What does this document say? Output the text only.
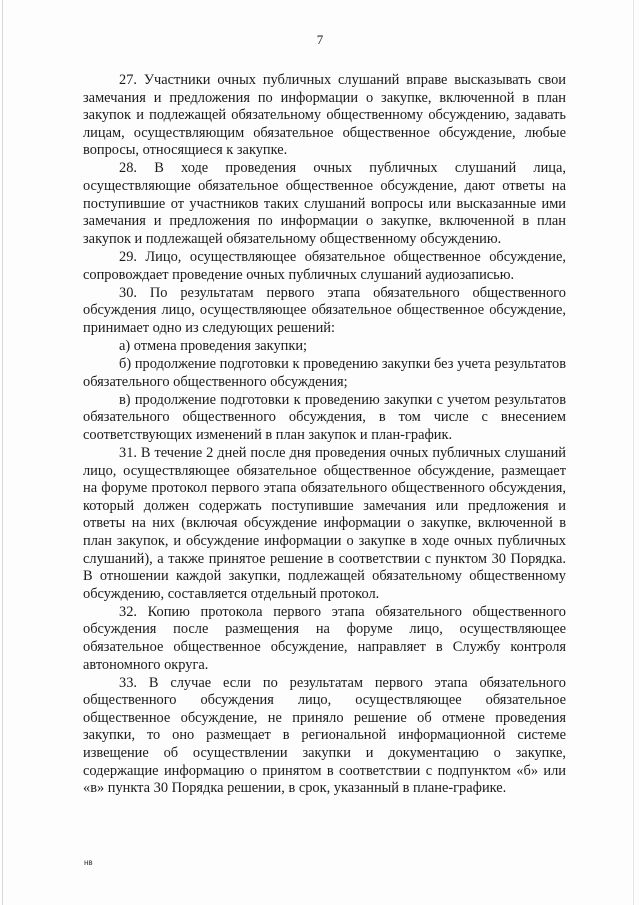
7

27. Участники очных публичных слушаний вправе высказывать свои замечания и предложения по информации о закупке, включенной в план закупок и подлежащей обязательному общественному обсуждению, задавать лицам, осуществляющим обязательное общественное обсуждение, любые вопросы, относящиеся к закупке.

28. В ходе проведения очных публичных слушаний лица, осуществляющие обязательное общественное обсуждение, дают ответы на поступившие от участников таких слушаний вопросы или высказанные ими замечания и предложения по информации о закупке, включенной в план закупок и подлежащей обязательному общественному обсуждению.

29. Лицо, осуществляющее обязательное общественное обсуждение, сопровождает проведение очных публичных слушаний аудиозаписью.

30. По результатам первого этапа обязательного общественного обсуждения лицо, осуществляющее обязательное общественное обсуждение, принимает одно из следующих решений:

а) отмена проведения закупки;

б) продолжение подготовки к проведению закупки без учета результатов обязательного общественного обсуждения;

в) продолжение подготовки к проведению закупки с учетом результатов обязательного общественного обсуждения, в том числе с внесением соответствующих изменений в план закупок и план-график.

31. В течение 2 дней после дня проведения очных публичных слушаний лицо, осуществляющее обязательное общественное обсуждение, размещает на форуме протокол первого этапа обязательного общественного обсуждения, который должен содержать поступившие замечания или предложения и ответы на них (включая обсуждение информации о закупке, включенной в план закупок, и обсуждение информации о закупке в ходе очных публичных слушаний), а также принятое решение в соответствии с пунктом 30 Порядка. В отношении каждой закупки, подлежащей обязательному общественному обсуждению, составляется отдельный протокол.

32. Копию протокола первого этапа обязательного общественного обсуждения после размещения на форуме лицо, осуществляющее обязательное общественное обсуждение, направляет в Службу контроля автономного округа.

33. В случае если по результатам первого этапа обязательного общественного обсуждения лицо, осуществляющее обязательное общественное обсуждение, не приняло решение об отмене проведения закупки, то оно размещает в региональной информационной системе извещение об осуществлении закупки и документацию о закупке, содержащие информацию о принятом в соответствии с подпунктом «б» или «в» пункта 30 Порядка решении, в срок, указанный в плане-графике.

нв
